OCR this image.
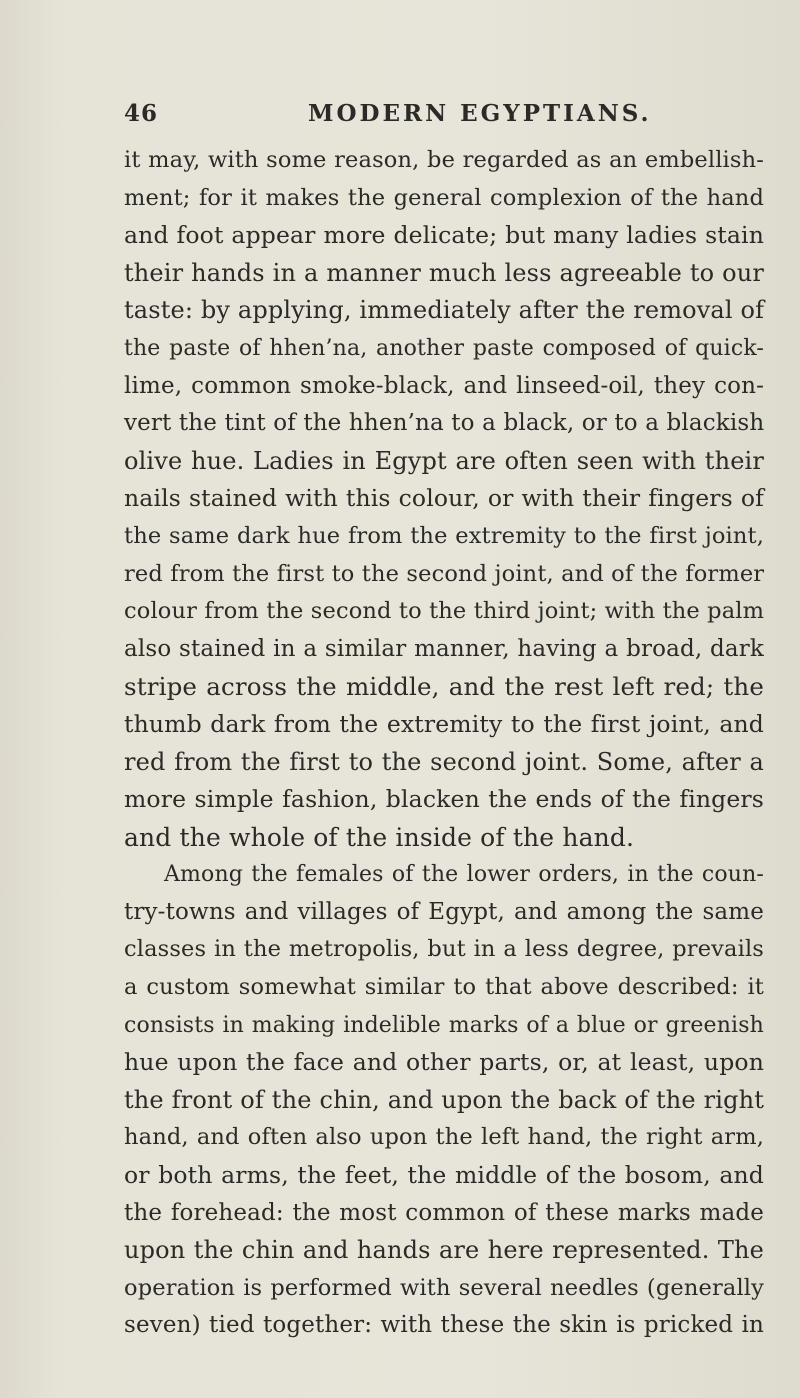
46	MODERN EGYPTIANS.
it may, with some reason, be regarded as an embellish-
ment; for it makes the general complexion of the hand
and foot appear more delicate; but many ladies stain
their hands in a manner much less agreeable to our
taste: by applying, immediately after the removal of
the paste of hhen’na, another paste composed of quick-
lime, common smoke-black, and linseed-oil, they con-
vert the tint of the hhen’na to a black, or to a blackish
olive hue. Ladies in Egypt are often seen with their
nails stained with this colour, or with their fingers of
the same dark hue from the extremity to the first joint,
red from the first to the second joint, and of the former
colour from the second to the third joint; with the palm
also stained in a similar manner, having a broad, dark
stripe across the middle, and the rest left red; the
thumb dark from the extremity to the first joint, and
red from the first to the second joint. Some, after a
more simple fashion, blacken the ends of the fingers
and the whole of the inside of the hand.
Among the females of the lower orders, in the coun-
try-towns and villages of Egypt, and among the same
classes in the metropolis, but in a less degree, prevails
a custom somewhat similar to that above described: it
consists in making indelible marks of a blue or greenish
hue upon the face and other parts, or, at least, upon
the front of the chin, and upon the back of the right
hand, and often also upon the left hand, the right arm,
or both arms, the feet, the middle of the bosom, and
the forehead: the most common of these marks made
upon the chin and hands are here represented. The
operation is performed with several needles (generally
seven) tied together: with these the skin is pricked in
